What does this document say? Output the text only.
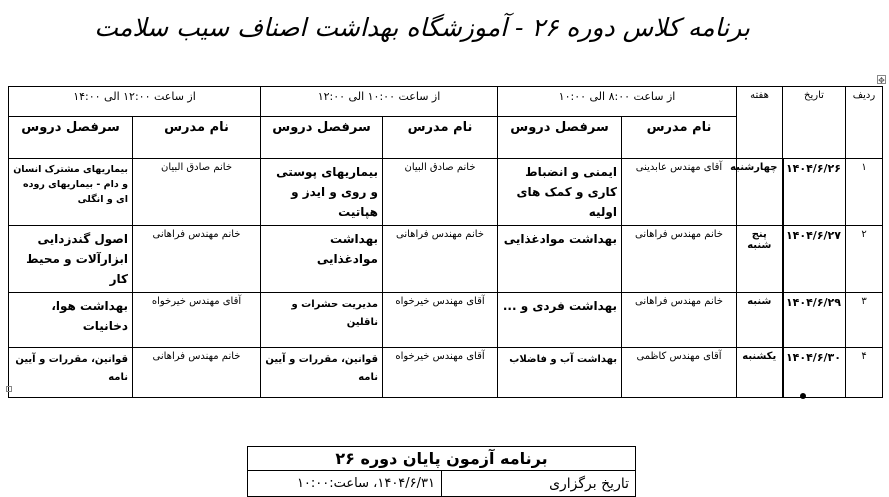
برنامه کلاس دوره ۲۶ - آموزشگاه بهداشت اصناف سیب سلامت
✥
ردیف	تاریخ	هفته	از ساعت ۸:۰۰ الی ۱۰:۰۰		از ساعت ۱۰:۰۰ الی ۱۲:۰۰		از ساعت ۱۲:۰۰ الی ۱۴:۰۰	
			نام مدرس	سرفصل دروس	نام مدرس	سرفصل دروس	نام مدرس	سرفصل دروس
۱	۱۴۰۴/۶/۲۶	چهارشنبه	آقای مهندس عابدینی	ایمنی و انضباط کاری و کمک های اولیه	خانم صادق البیان	بیماریهای پوستی و روی و ایدز و هپاتیت	خانم صادق البیان	بیماریهای مشترک انسان و دام - بیماریهای روده ای و انگلی
۲	۱۴۰۴/۶/۲۷	پنج شنبه	خانم مهندس فراهانی	بهداشت موادغذایی	خانم مهندس فراهانی	بهداشت موادغذایی	خانم مهندس فراهانی	اصول گندزدایی ابزارآلات و محیط کار
۳	۱۴۰۴/۶/۲۹	شنبه	خانم مهندس فراهانی	بهداشت فردی و ...	آقای مهندس خیرخواه	مدیریت حشرات و ناقلین	آقای مهندس خیرخواه	بهداشت هوا، دخانیات
۴	۱۴۰۴/۶/۳۰	یکشنبه	آقای مهندس کاظمی	بهداشت آب و فاضلاب	آقای مهندس خیرخواه	قوانین، مقررات و آیین نامه	خانم مهندس فراهانی	قوانین، مقررات و آیین نامه
برنامه آزمون پایان دوره ۲۶
تاریخ برگزاری	۱۴۰۴/۶/۳۱، ساعت:۱۰:۰۰
